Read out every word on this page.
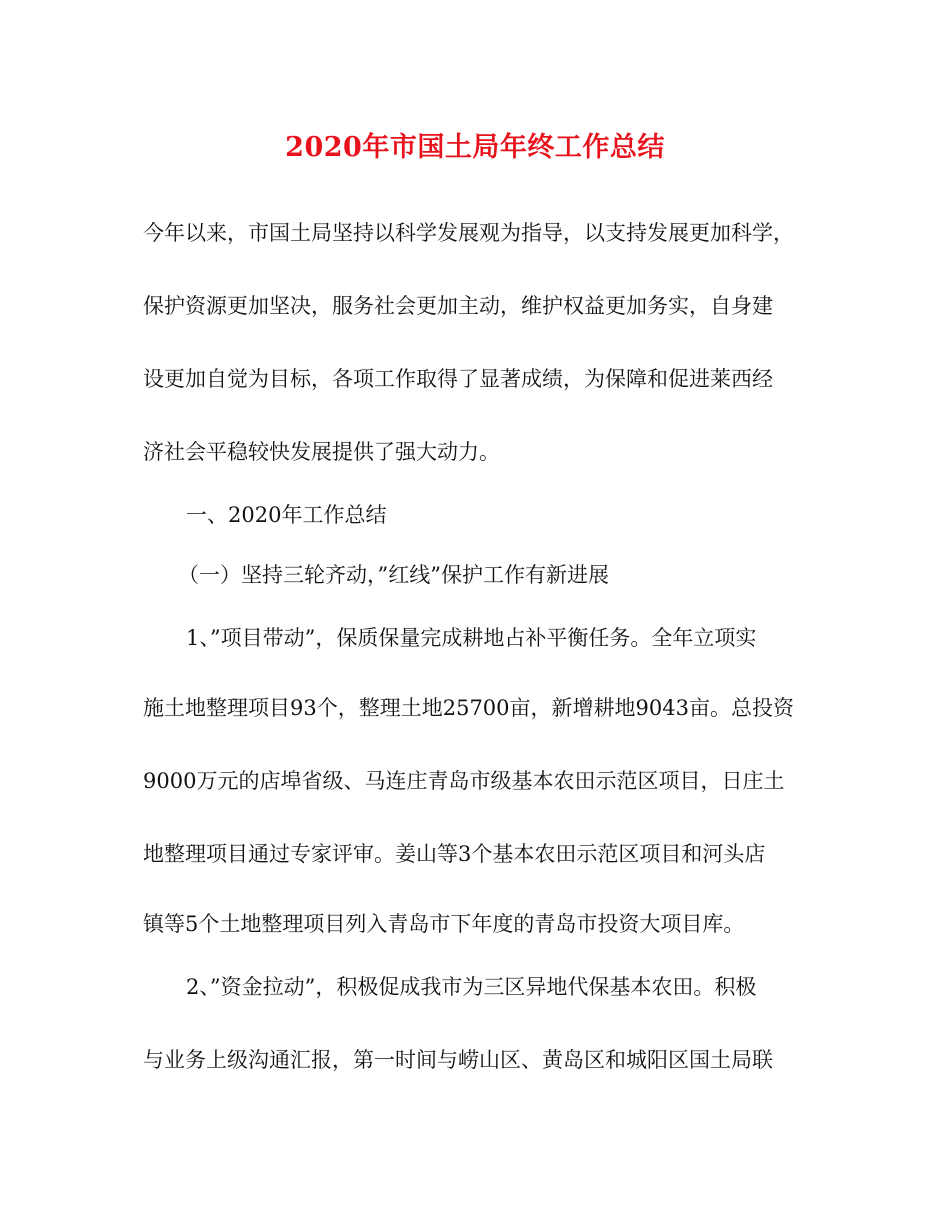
2020年市国土局年终工作总结
今年以来，市国土局坚持以科学发展观为指导，以支持发展更加科学，
保护资源更加坚决，服务社会更加主动，维护权益更加务实，自身建
设更加自觉为目标，各项工作取得了显著成绩，为保障和促进莱西经
济社会平稳较快发展提供了强大动力。
一、2020年工作总结
（一）坚持三轮齐动，”红线”保护工作有新进展
1、”项目带动”，保质保量完成耕地占补平衡任务。全年立项实
施土地整理项目93个，整理土地25700亩，新增耕地9043亩。总投资
9000万元的店埠省级、马连庄青岛市级基本农田示范区项目，日庄土
地整理项目通过专家评审。姜山等3个基本农田示范区项目和河头店
镇等5个土地整理项目列入青岛市下年度的青岛市投资大项目库。
2、”资金拉动”，积极促成我市为三区异地代保基本农田。积极
与业务上级沟通汇报，第一时间与崂山区、黄岛区和城阳区国土局联
